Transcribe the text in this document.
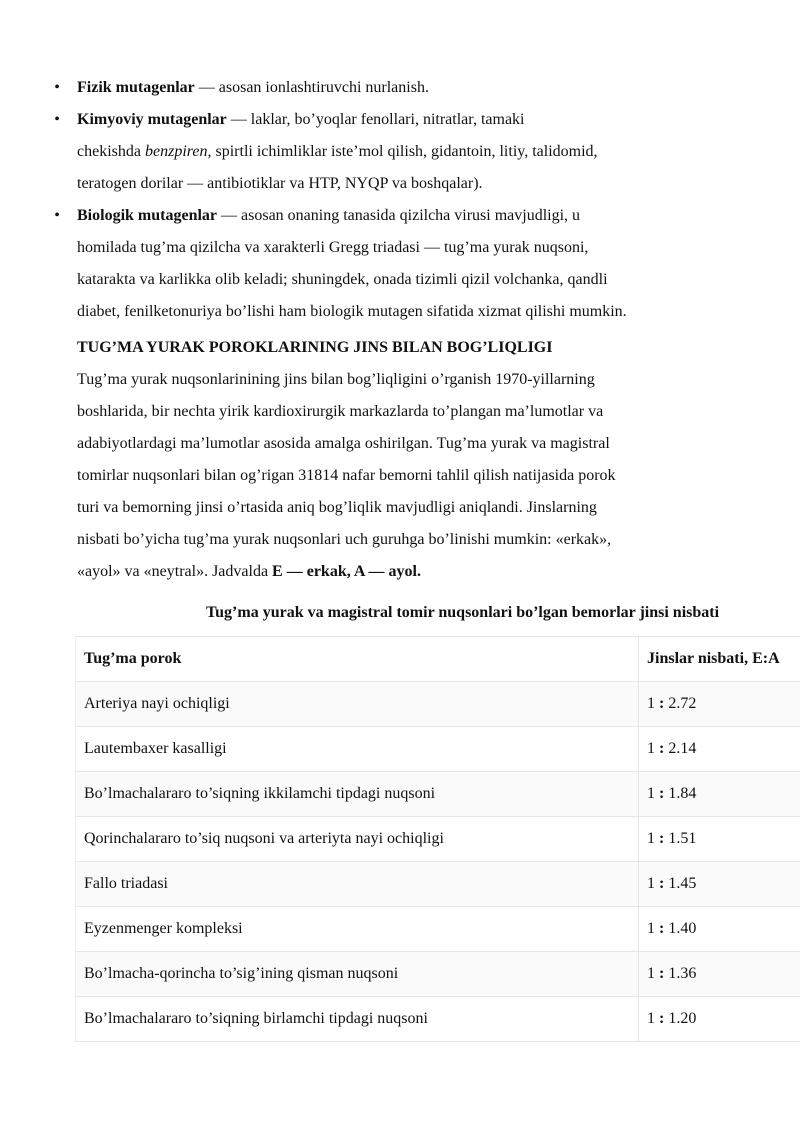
• Fizik mutagenlar — asosan ionlashtiruvchi nurlanish.
• Kimyoviy mutagenlar — laklar, bo’yoqlar fenollari, nitratlar, tamaki
chekishda benzpiren, spirtli ichimliklar iste’mol qilish, gidantoin, litiy, talidomid,
teratogen dorilar — antibiotiklar va HTP, NYQP va boshqalar).
• Biologik mutagenlar — asosan onaning tanasida qizilcha virusi mavjudligi, u
homilada tug’ma qizilcha va xarakterli Gregg triadasi — tug’ma yurak nuqsoni,
katarakta va karlikka olib keladi; shuningdek, onada tizimli qizil volchanka, qandli
diabet, fenilketonuriya bo’lishi ham biologik mutagen sifatida xizmat qilishi mumkin.
TUG’MA YURAK POROKLARINING JINS BILAN BOG’LIQLIGI
Tug’ma yurak nuqsonlarinining jins bilan bog’liqligini o’rganish 1970-yillarning
boshlarida, bir nechta yirik kardioxirurgik markazlarda to’plangan ma’lumotlar va
adabiyotlardagi ma’lumotlar asosida amalga oshirilgan. Tug’ma yurak va magistral
tomirlar nuqsonlari bilan og’rigan 31814 nafar bemorni tahlil qilish natijasida porok
turi va bemorning jinsi o’rtasida aniq bog’liqlik mavjudligi aniqlandi. Jinslarning
nisbati bo’yicha tug’ma yurak nuqsonlari uch guruhga bo’linishi mumkin: «erkak»,
«ayol» va «neytral». Jadvalda E — erkak, A — ayol.
Tug’ma yurak va magistral tomir nuqsonlari bo’lgan bemorlar jinsi nisbati
Tug’ma porok	Jinslar nisbati, E:A
Arteriya nayi ochiqligi	1 : 2.72
Lautembaxer kasalligi	1 : 2.14
Bo’lmachalararo to’siqning ikkilamchi tipdagi nuqsoni	1 : 1.84
Qorinchalararo to’siq nuqsoni va arteriyta nayi ochiqligi	1 : 1.51
Fallo triadasi	1 : 1.45
Eyzenmenger kompleksi	1 : 1.40
Bo’lmacha-qorincha to’sig’ining qisman nuqsoni	1 : 1.36
Bo’lmachalararo to’siqning birlamchi tipdagi nuqsoni	1 : 1.20
